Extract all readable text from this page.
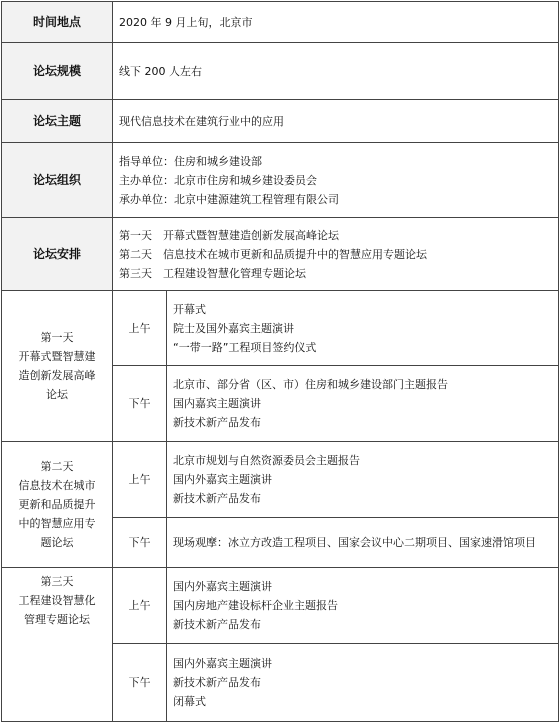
时间地点	2020 年 9 月上旬，北京市	

论坛规模	线下 200 人左右	

论坛主题	现代信息技术在建筑行业中的应用	

论坛组织	指导单位：住房和城乡建设部
主办单位：北京市住房和城乡建设委员会
承办单位：北京中建源建筑工程管理有限公司	

论坛安排	第一天　开幕式暨智慧建造创新发展高峰论坛
第二天　信息技术在城市更新和品质提升中的智慧应用专题论坛
第三天　工程建设智慧化管理专题论坛	

第一天
开幕式暨智慧建
造创新发展高峰
论坛	上午	开幕式
院士及国外嘉宾主题演讲
“一带一路”工程项目签约仪式

	下午	北京市、部分省（区、市）住房和城乡建设部门主题报告
国内嘉宾主题演讲
新技术新产品发布

第二天
信息技术在城市
更新和品质提升
中的智慧应用专
题论坛	上午	北京市规划与自然资源委员会主题报告
国内外嘉宾主题演讲
新技术新产品发布

	下午	现场观摩：冰立方改造工程项目、国家会议中心二期项目、国家速滑馆项目

第三天
工程建设智慧化
管理专题论坛	上午	国内外嘉宾主题演讲
国内房地产建设标杆企业主题报告
新技术新产品发布

	下午	国内外嘉宾主题演讲
新技术新产品发布
闭幕式
